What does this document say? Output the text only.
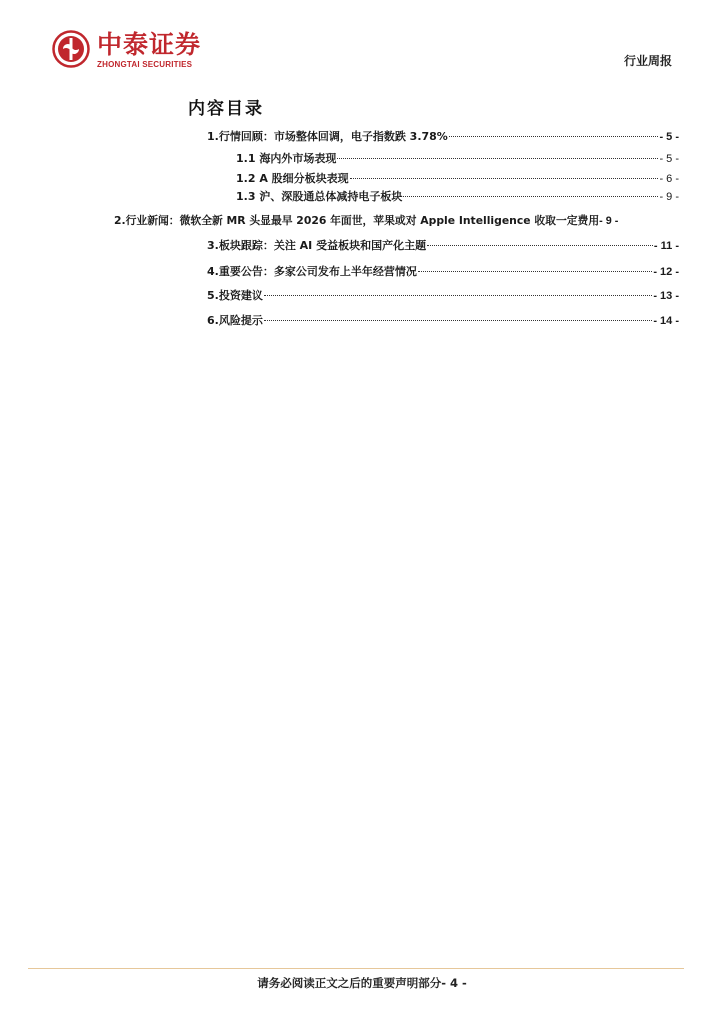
中泰证券
ZHONGTAI SECURITIES	行业周报
内容目录
1.行情回顾：市场整体回调，电子指数跌 3.78%	- 5 -
1.1 海内外市场表现	- 5 -
1.2 A 股细分板块表现	- 6 -
1.3 沪、深股通总体减持电子板块	- 9 -
2.行业新闻：微软全新 MR 头显最早 2026 年面世，苹果或对 Apple Intelligence 收取一定费用 - 9 -
3.板块跟踪：关注 AI 受益板块和国产化主题	- 11 -
4.重要公告：多家公司发布上半年经营情况	- 12 -
5.投资建议	- 13 -
6.风险提示	- 14 -
请务必阅读正文之后的重要声明部分- 4 -
